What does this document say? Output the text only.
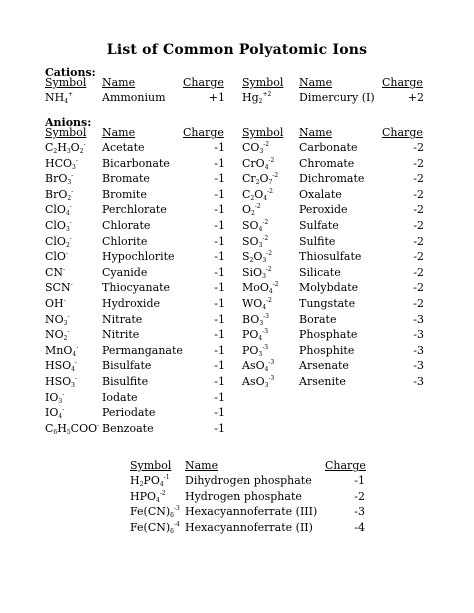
List of Common Polyatomic Ions
Cations:
Symbol Name	Charge
$NH_4^+$	Ammonium	+1
Symbol Name	Charge
$Hg_2^{+2}$	Dimercury (I)	+2
Anions:
Symbol Name	Charge
$C_2H_3O_2^-$ Acetate	-1
$HCO_3^-$ Bicarbonate	-1
BrO$_3$-	Bromate	-1
BrO$_2$-	Bromite	-1
ClO$_4$-	Perchlorate	-1
ClO$_3$-	Chlorate	-1
ClO$_2$-	Chlorite	-1
ClO-	Hypochlorite	-1
CN-	Cyanide	-1
SCN-	Thiocyanate	-1
OH-	Hydroxide	-1
$NO_3^-$	Nitrate	-1
$NO_2^-$	Nitrite	-1
MnO$_4$- Permanganate	-1
$HSO_4^-$ Bisulfate	-1
$HSO_3^-$ Bisulfite	-1
$IO_3^-$	Iodate	-1
$IO_4^-$	Periodate	-1
$C_6H_5COO^-$ Benzoate	-1
Symbol Name	Charge
$CO_3^{-2}$	Carbonate	-2
CrO$_4^{-2}$ Chromate	-2
$Cr_2O_7^{-2}$ Dichromate	-2
$C_2O_4^{-2}$ Oxalate	-2
$O_2^{-2}$	Peroxide	-2
$SO_4^{-2}$	Sulfate	-2
$SO_3^{-2}$	Sulfite	-2
$S_2O_3^{-2}$ Thiosulfate	-2
SiO$_3^{-2}$ Silicate	-2
MoO$_4^{-2}$ Molybdate	-2
$WO_4^{-2}$ Tungstate	-2
$BO_3^{-3}$	Borate	-3
$PO_4^{-3}$	Phosphate	-3
$PO_3^{-3}$	Phosphite	-3
AsO$_4^{-3}$ Arsenate	-3
AsO$_3^{-3}$ Arsenite	-3
Symbol Name	Charge
$H_2PO_4^{-1}$ Dihydrogen phosphate	-1
$HPO_4^{-2}$ Hydrogen phosphate	-2
$Fe(CN)_6^{-3}$ Hexacyannoferrate (III)	-3
$Fe(CN)_6^{-4}$ Hexacyannoferrate (II)	-4
